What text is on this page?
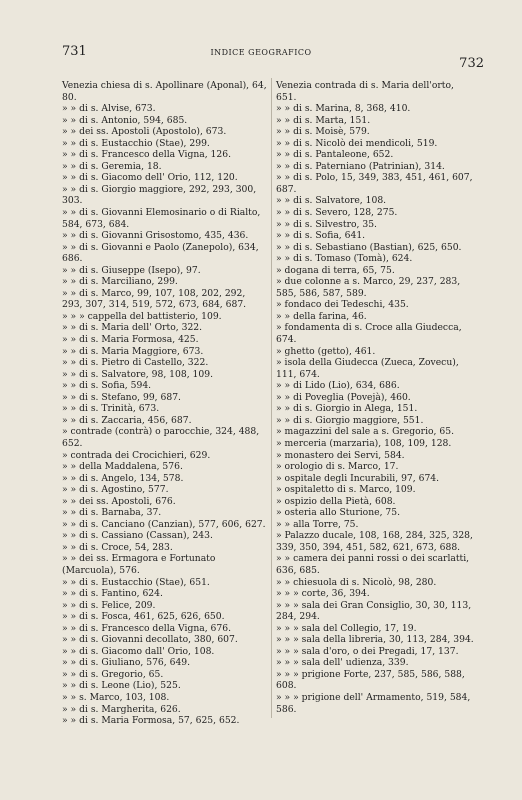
731	INDICE GEOGRAFICO
732
Venezia chiesa di s. Apollinare (Aponal), 64, 80.
» » di s. Alvise, 673.
» » di s. Antonio, 594, 685.
» » dei ss. Apostoli (Apostolo), 673.
» » di s. Eustacchio (Stae), 299.
» » di s. Francesco della Vigna, 126.
» » di s. Geremia, 18.
» » di s. Giacomo dell' Orio, 112, 120.
» » di s. Giorgio maggiore, 292, 293, 300, 303.
» » di s. Giovanni Elemosinario o di Rialto, 584, 673, 684.
» » di s. Giovanni Grisostomo, 435, 436.
» » di s. Giovanni e Paolo (Zanepolo), 634, 686.
» » di s. Giuseppe (Isepo), 97.
» » di s. Marciliano, 299.
» » di s. Marco, 99, 107, 108, 202, 292, 293, 307, 314, 519, 572, 673, 684, 687.
» » » cappella del battisterio, 109.
» » di s. Maria dell' Orto, 322.
» » di s. Maria Formosa, 425.
» » di s. Maria Maggiore, 673.
» » di s. Pietro di Castello, 322.
» » di s. Salvatore, 98, 108, 109.
» » di s. Sofia, 594.
» » di s. Stefano, 99, 687.
» » di s. Trinità, 673.
» » di s. Zaccaria, 456, 687.
» contrade (contrà) o parocchie, 324, 488, 652.
» contrada dei Crocichieri, 629.
» » della Maddalena, 576.
» » di s. Angelo, 134, 578.
» » di s. Agostino, 577.
» » dei ss. Apostoli, 676.
» » di s. Barnaba, 37.
» » di s. Canciano (Canzian), 577, 606, 627.
» » di s. Cassiano (Cassan), 243.
» » di s. Croce, 54, 283.
» » dei ss. Ermagora e Fortunato (Marcuola), 576.
» » di s. Eustacchio (Stae), 651.
» » di s. Fantino, 624.
» » di s. Felice, 209.
» » di s. Fosca, 461, 625, 626, 650.
» » di s. Francesco della Vigna, 676.
» » di s. Giovanni decollato, 380, 607.
» » di s. Giacomo dall' Orio, 108.
» » di s. Giuliano, 576, 649.
» » di s. Gregorio, 65.
» » di s. Leone (Lio), 525.
» » s. Marco, 103, 108.
» » di s. Margherita, 626.
» » di s. Maria Formosa, 57, 625, 652.
Venezia contrada di s. Maria dell'orto, 651.
» » di s. Marina, 8, 368, 410.
» » di s. Marta, 151.
» » di s. Moisè, 579.
» » di s. Nicolò dei mendicoli, 519.
» » di s. Pantaleone, 652.
» » di s. Paterniano (Patrinian), 314.
» » di s. Polo, 15, 349, 383, 451, 461, 607, 687.
» » di s. Salvatore, 108.
» » di s. Severo, 128, 275.
» » di s. Silvestro, 35.
» » di s. Sofia, 641.
» » di s. Sebastiano (Bastian), 625, 650.
» » di s. Tomaso (Tomà), 624.
» dogana di terra, 65, 75.
» due colonne a s. Marco, 29, 237, 283, 585, 586, 587, 589.
» fondaco dei Tedeschi, 435.
» » della farina, 46.
» fondamenta di s. Croce alla Giudecca, 674.
» ghetto (getto), 461.
» isola della Giudecca (Zueca, Zovecu), 111, 674.
» » di Lido (Lio), 634, 686.
» » di Poveglia (Povejà), 460.
» » di s. Giorgio in Alega, 151.
» » di s. Giorgio maggiore, 551.
» magazzini del sale a s. Gregorio, 65.
» merceria (marzaria), 108, 109, 128.
» monastero dei Servi, 584.
» orologio di s. Marco, 17.
» ospitale degli Incurabili, 97, 674.
» ospitaletto di s. Marco, 109.
» ospizio della Pietà, 608.
» osteria allo Sturione, 75.
» » alla Torre, 75.
» Palazzo ducale, 108, 168, 284, 325, 328, 339, 350, 394, 451, 582, 621, 673, 688.
» » camera dei panni rossi o dei scarlatti, 636, 685.
» » chiesuola di s. Nicolò, 98, 280.
» » » corte, 36, 394.
» » » sala dei Gran Consiglio, 30, 30, 113, 284, 294.
» » » sala del Collegio, 17, 19.
» » » sala della libreria, 30, 113, 284, 394.
» » » sala d'oro, o dei Pregadi, 17, 137.
» » » sala dell' udienza, 339.
» » » prigione Forte, 237, 585, 586, 588, 608.
» » » prigione dell' Armamento, 519, 584, 586.
